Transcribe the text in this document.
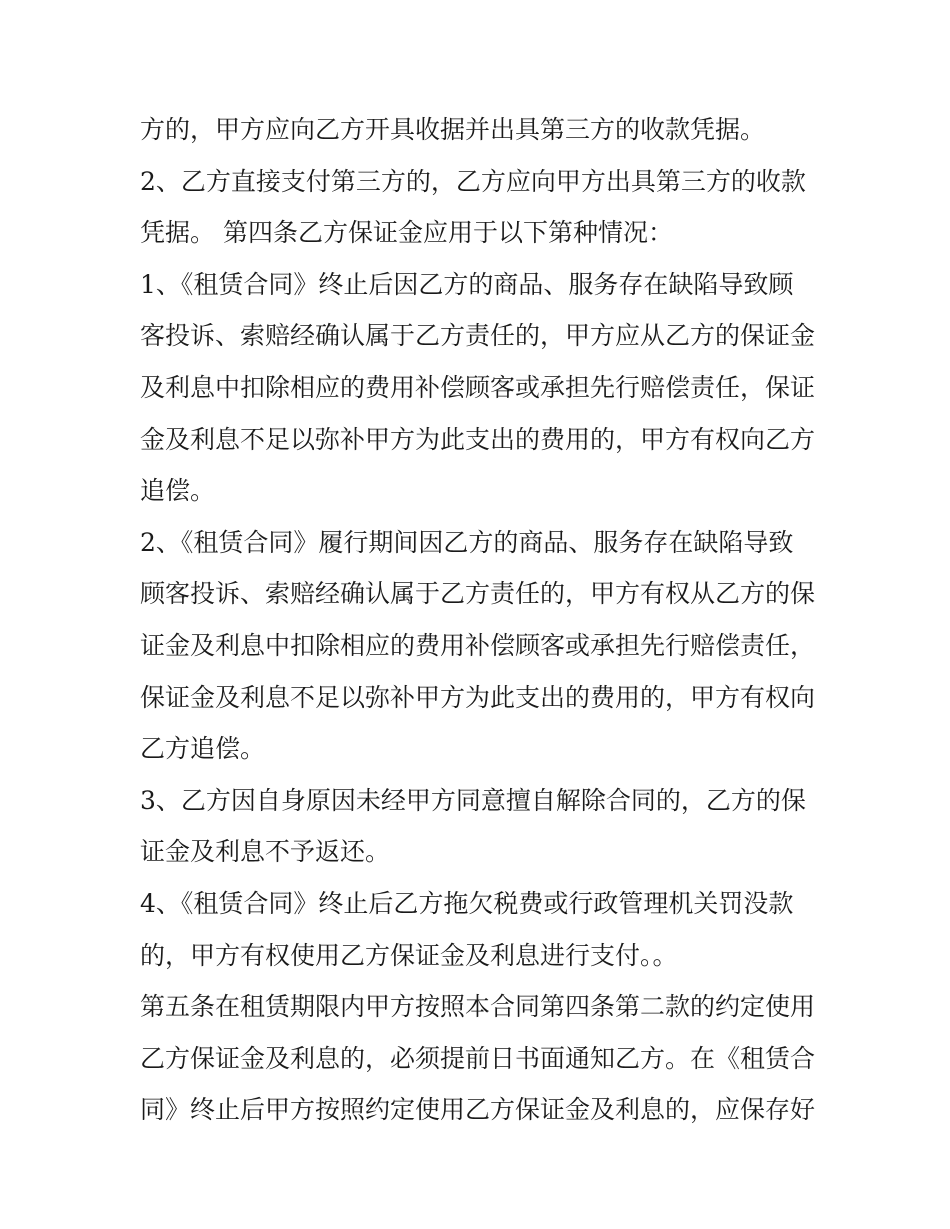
方的，甲方应向乙方开具收据并出具第三方的收款凭据。
2、乙方直接支付第三方的，乙方应向甲方出具第三方的收款
凭据。 第四条乙方保证金应用于以下第种情况：
1、《租赁合同》终止后因乙方的商品、服务存在缺陷导致顾
客投诉、索赔经确认属于乙方责任的，甲方应从乙方的保证金
及利息中扣除相应的费用补偿顾客或承担先行赔偿责任，保证
金及利息不足以弥补甲方为此支出的费用的，甲方有权向乙方
追偿。
2、《租赁合同》履行期间因乙方的商品、服务存在缺陷导致
顾客投诉、索赔经确认属于乙方责任的，甲方有权从乙方的保
证金及利息中扣除相应的费用补偿顾客或承担先行赔偿责任，
保证金及利息不足以弥补甲方为此支出的费用的，甲方有权向
乙方追偿。
3、乙方因自身原因未经甲方同意擅自解除合同的，乙方的保
证金及利息不予返还。
4、《租赁合同》终止后乙方拖欠税费或行政管理机关罚没款
的，甲方有权使用乙方保证金及利息进行支付。。
第五条在租赁期限内甲方按照本合同第四条第二款的约定使用
乙方保证金及利息的，必须提前日书面通知乙方。在《租赁合
同》终止后甲方按照约定使用乙方保证金及利息的，应保存好
